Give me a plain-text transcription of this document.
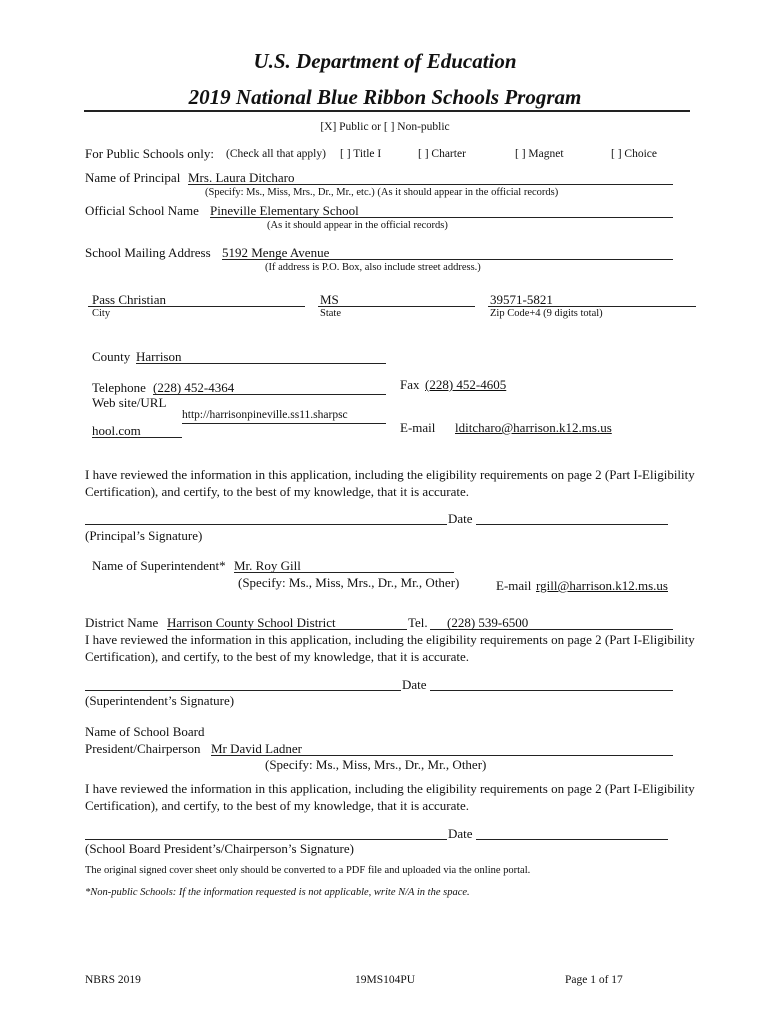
U.S. Department of Education
2019 National Blue Ribbon Schools Program
[X] Public or [ ] Non-public
For Public Schools only: (Check all that apply) [ ] Title I	[ ] Charter	[ ] Magnet	[ ] Choice
Name of Principal Mrs. Laura Ditcharo
(Specify: Ms., Miss, Mrs., Dr., Mr., etc.) (As it should appear in the official records)
Official School Name Pineville Elementary School
(As it should appear in the official records)
School Mailing Address 5192 Menge Avenue
(If address is P.O. Box, also include street address.)
Pass Christian
City
MS
State
39571-5821
Zip Code+4 (9 digits total)
County Harrison
Telephone (228) 452-4364	Fax (228) 452-4605
Web site/URL
http://harrisonpineville.ss11.sharpsc
hool.com	E-mail lditcharo@harrison.k12.ms.us
I have reviewed the information in this application, including the eligibility requirements on page 2 (Part I-Eligibility Certification), and certify, to the best of my knowledge, that it is accurate.
Date
(Principal’s Signature)
Name of Superintendent* Mr. Roy Gill
(Specify: Ms., Miss, Mrs., Dr., Mr., Other)	E-mail rgill@harrison.k12.ms.us
District Name Harrison County School District	Tel. (228) 539-6500
I have reviewed the information in this application, including the eligibility requirements on page 2 (Part I-Eligibility Certification), and certify, to the best of my knowledge, that it is accurate.
Date
(Superintendent’s Signature)
Name of School Board
President/Chairperson Mr David Ladner
(Specify: Ms., Miss, Mrs., Dr., Mr., Other)
I have reviewed the information in this application, including the eligibility requirements on page 2 (Part I-Eligibility Certification), and certify, to the best of my knowledge, that it is accurate.
Date
(School Board President’s/Chairperson’s Signature)
The original signed cover sheet only should be converted to a PDF file and uploaded via the online portal.
*Non-public Schools: If the information requested is not applicable, write N/A in the space.
NBRS 2019	19MS104PU	Page 1 of 17
